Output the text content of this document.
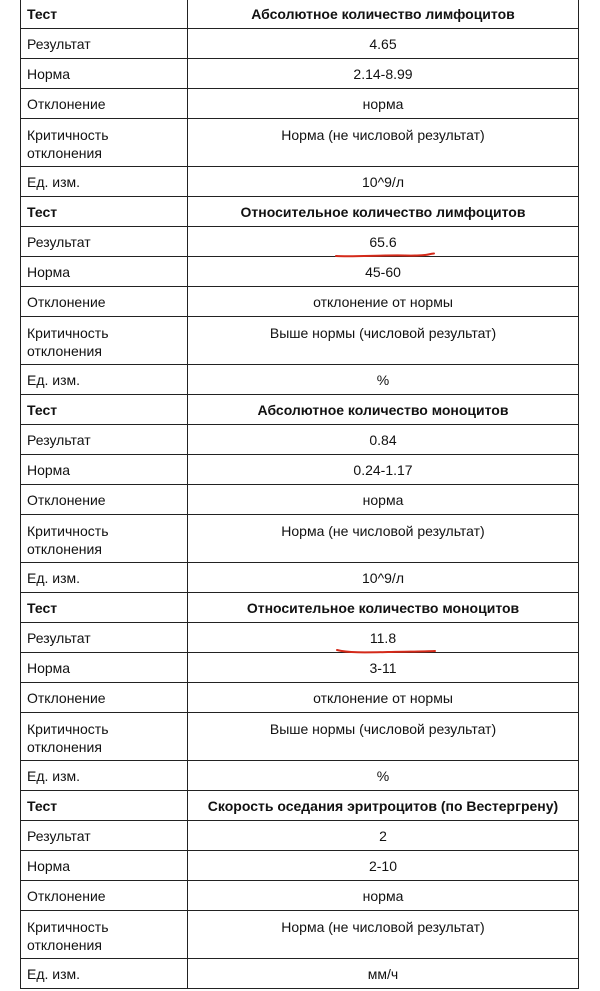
Тест	Абсолютное количество лимфоцитов
Результат	4.65
Норма	2.14-8.99
Отклонение	норма
Критичность отклонения	Норма (не числовой результат)
Ед. изм.	10^9/л
Тест	Относительное количество лимфоцитов
Результат	65.6

Норма	45-60
Отклонение	отклонение от нормы
Критичность отклонения	Выше нормы (числовой результат)
Ед. изм.	%
Тест	Абсолютное количество моноцитов
Результат	0.84
Норма	0.24-1.17
Отклонение	норма
Критичность отклонения	Норма (не числовой результат)
Ед. изм.	10^9/л
Тест	Относительное количество моноцитов
Результат	11.8

Норма	3-11
Отклонение	отклонение от нормы
Критичность отклонения	Выше нормы (числовой результат)
Ед. изм.	%
Тест	Скорость оседания эритроцитов (по Вестергрену)
Результат	2
Норма	2-10
Отклонение	норма
Критичность отклонения	Норма (не числовой результат)
Ед. изм.	мм/ч
